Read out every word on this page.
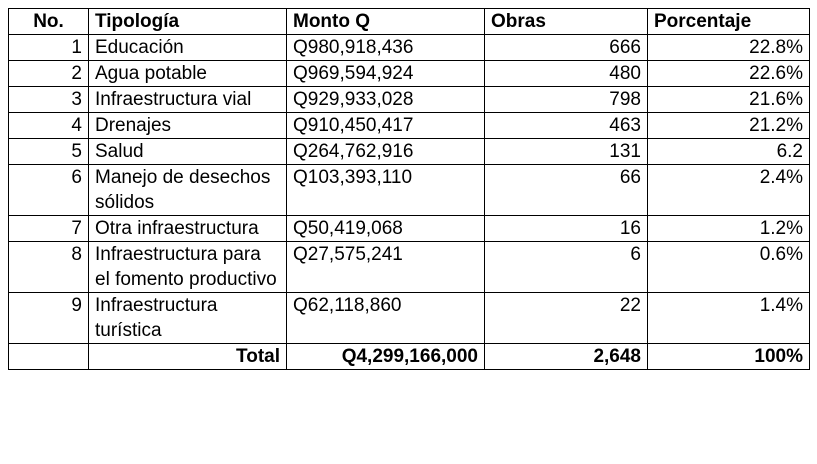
No.	Tipología	Monto Q	Obras	Porcentaje
1	Educación	Q980,918,436	666	22.8%
2	Agua potable	Q969,594,924	480	22.6%
3	Infraestructura vial	Q929,933,028	798	21.6%
4	Drenajes	Q910,450,417	463	21.2%
5	Salud	Q264,762,916	131	6.2
6	Manejo de desechos sólidos	Q103,393,110	66	2.4%
7	Otra infraestructura	Q50,419,068	16	1.2%
8	Infraestructura para el fomento productivo	Q27,575,241	6	0.6%
9	Infraestructura turística	Q62,118,860	22	1.4%
	Total	Q4,299,166,000	2,648	100%
